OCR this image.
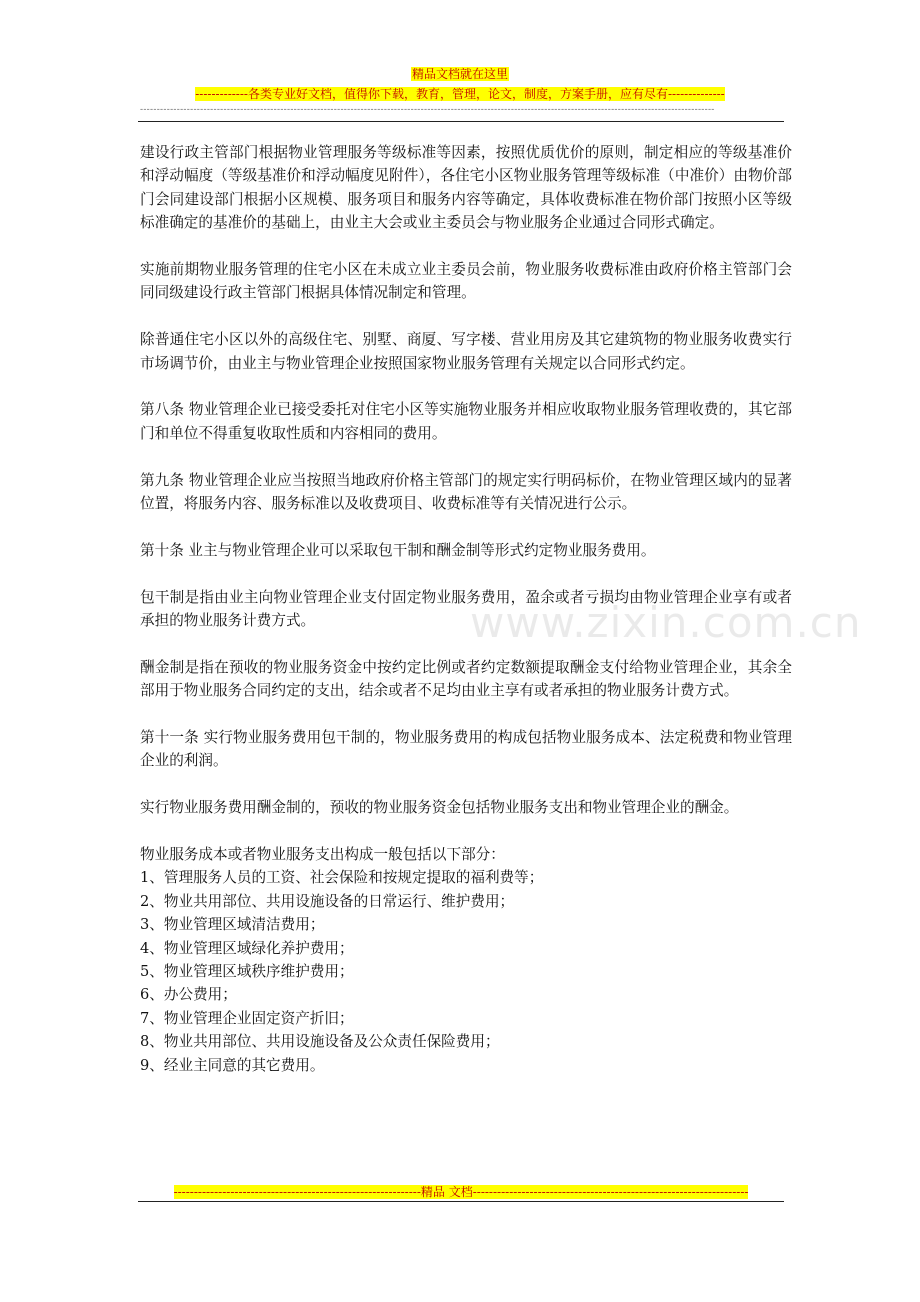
精品文档就在这里
-------------各类专业好文档，值得你下载，教育，管理，论文，制度，方案手册，应有尽有--------------
----------------------------------------------------------------------------------------------------------------------------------------------------------------------------
www.zixin.com.cn

建设行政主管部门根据物业管理服务等级标准等因素，按照优质优价的原则，制定相应的等级基准价和浮动幅度（等级基准价和浮动幅度见附件），各住宅小区物业服务管理等级标准（中准价）由物价部门会同建设部门根据小区规模、服务项目和服务内容等确定，具体收费标准在物价部门按照小区等级标准确定的基准价的基础上，由业主大会或业主委员会与物业服务企业通过合同形式确定。

实施前期物业服务管理的住宅小区在未成立业主委员会前，物业服务收费标准由政府价格主管部门会同同级建设行政主管部门根据具体情况制定和管理。

除普通住宅小区以外的高级住宅、别墅、商厦、写字楼、营业用房及其它建筑物的物业服务收费实行市场调节价，由业主与物业管理企业按照国家物业服务管理有关规定以合同形式约定。

第八条 物业管理企业已接受委托对住宅小区等实施物业服务并相应收取物业服务管理收费的，其它部门和单位不得重复收取性质和内容相同的费用。

第九条 物业管理企业应当按照当地政府价格主管部门的规定实行明码标价，在物业管理区域内的显著位置，将服务内容、服务标准以及收费项目、收费标准等有关情况进行公示。

第十条 业主与物业管理企业可以采取包干制和酬金制等形式约定物业服务费用。

包干制是指由业主向物业管理企业支付固定物业服务费用，盈余或者亏损均由物业管理企业享有或者承担的物业服务计费方式。

酬金制是指在预收的物业服务资金中按约定比例或者约定数额提取酬金支付给物业管理企业，其余全部用于物业服务合同约定的支出，结余或者不足均由业主享有或者承担的物业服务计费方式。

第十一条 实行物业服务费用包干制的，物业服务费用的构成包括物业服务成本、法定税费和物业管理企业的利润。

实行物业服务费用酬金制的，预收的物业服务资金包括物业服务支出和物业管理企业的酬金。

物业服务成本或者物业服务支出构成一般包括以下部分：

1、管理服务人员的工资、社会保险和按规定提取的福利费等；
2、物业共用部位、共用设施设备的日常运行、维护费用；
3、物业管理区域清洁费用；
4、物业管理区域绿化养护费用；
5、物业管理区域秩序维护费用；
6、办公费用；
7、物业管理企业固定资产折旧；
8、物业共用部位、共用设施设备及公众责任保险费用；
9、经业主同意的其它费用。
-------------------------------------------------------------精品 文档--------------------------------------------------------------------
